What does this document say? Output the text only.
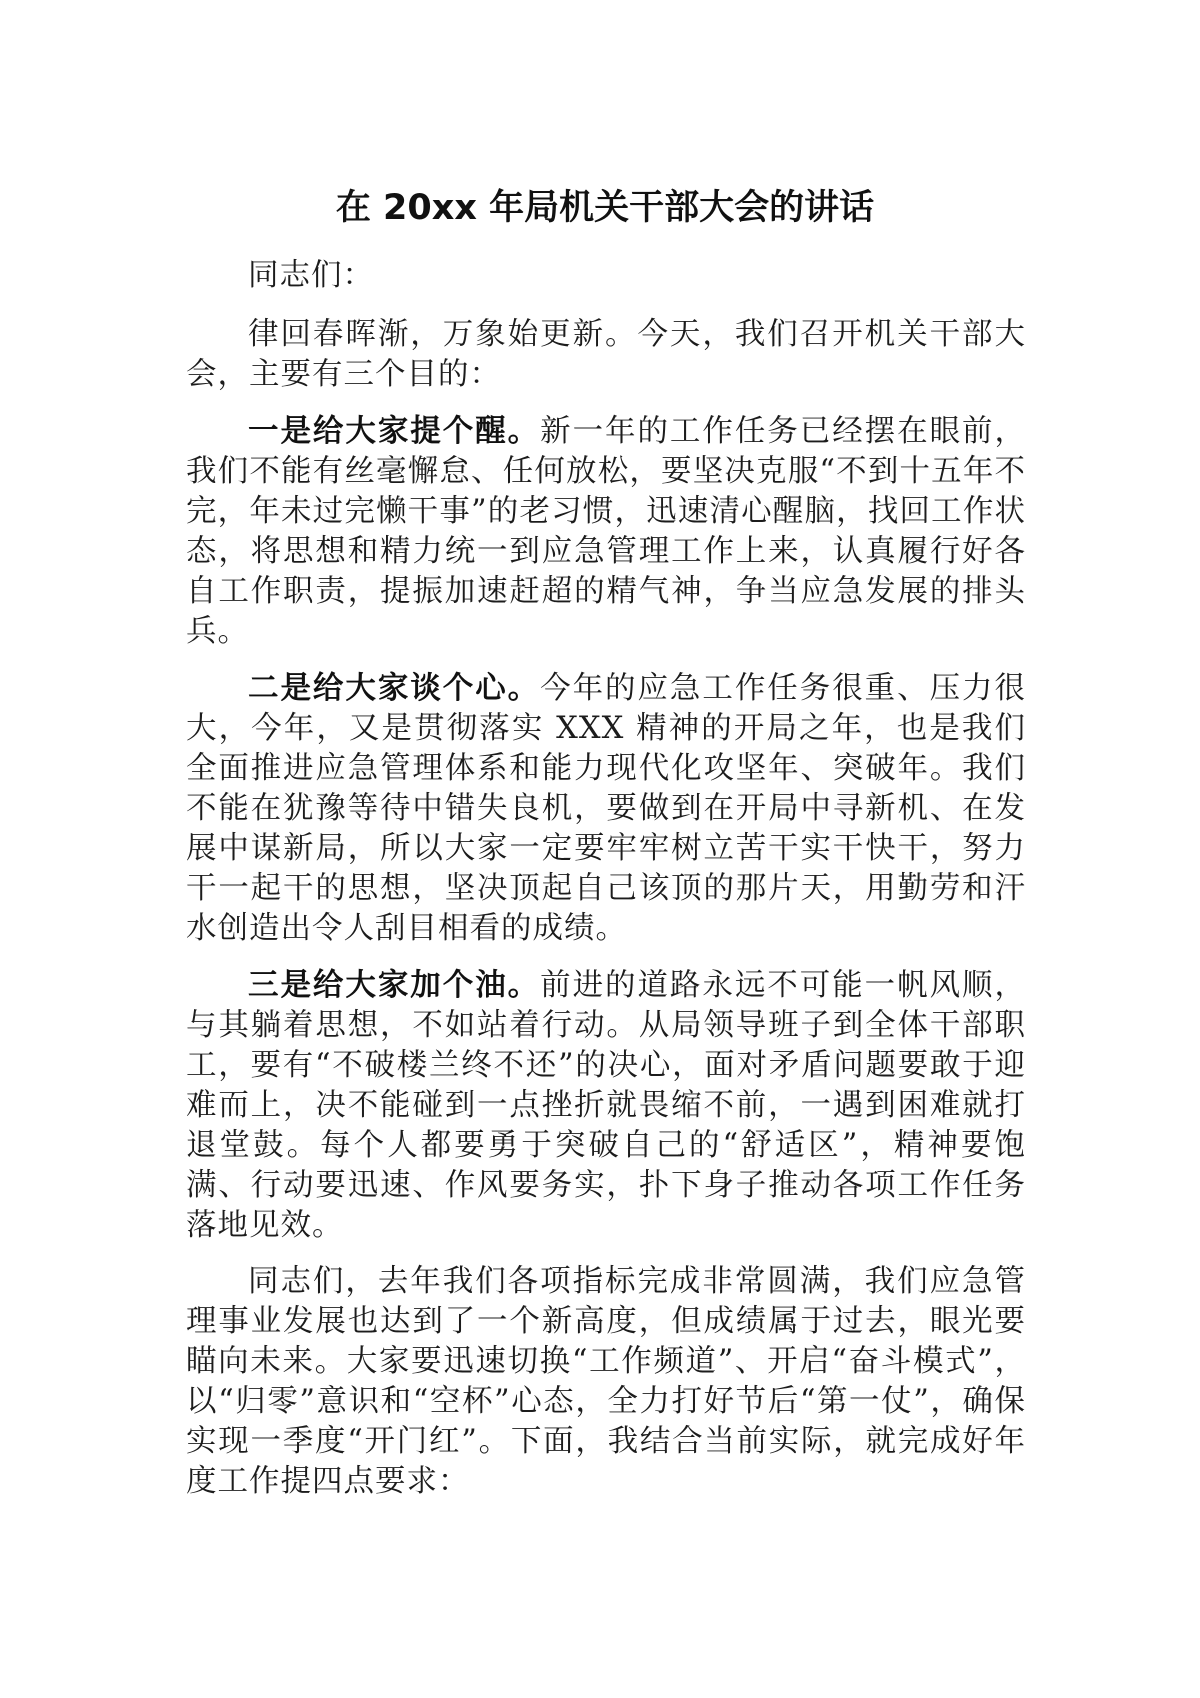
在 20xx 年局机关干部大会的讲话

同志们：

律回春晖渐，万象始更新。今天，我们召开机关干部大会，主要有三个目的：

一是给大家提个醒。新一年的工作任务已经摆在眼前，我们不能有丝毫懈怠、任何放松，要坚决克服“不到十五年不完，年未过完懒干事”的老习惯，迅速清心醒脑，找回工作状态，将思想和精力统一到应急管理工作上来，认真履行好各自工作职责，提振加速赶超的精气神，争当应急发展的排头兵。

二是给大家谈个心。今年的应急工作任务很重、压力很大，今年，又是贯彻落实 XXX 精神的开局之年，也是我们全面推进应急管理体系和能力现代化攻坚年、突破年。我们不能在犹豫等待中错失良机，要做到在开局中寻新机、在发展中谋新局，所以大家一定要牢牢树立苦干实干快干，努力干一起干的思想，坚决顶起自己该顶的那片天，用勤劳和汗水创造出令人刮目相看的成绩。

三是给大家加个油。前进的道路永远不可能一帆风顺，与其躺着思想，不如站着行动。从局领导班子到全体干部职工，要有“不破楼兰终不还”的决心，面对矛盾问题要敢于迎难而上，决不能碰到一点挫折就畏缩不前，一遇到困难就打退堂鼓。每个人都要勇于突破自己的“舒适区”，精神要饱满、行动要迅速、作风要务实，扑下身子推动各项工作任务落地见效。

同志们，去年我们各项指标完成非常圆满，我们应急管理事业发展也达到了一个新高度，但成绩属于过去，眼光要瞄向未来。大家要迅速切换“工作频道”、开启“奋斗模式”，以“归零”意识和“空杯”心态，全力打好节后“第一仗”，确保实现一季度“开门红”。下面，我结合当前实际，就完成好年度工作提四点要求：
